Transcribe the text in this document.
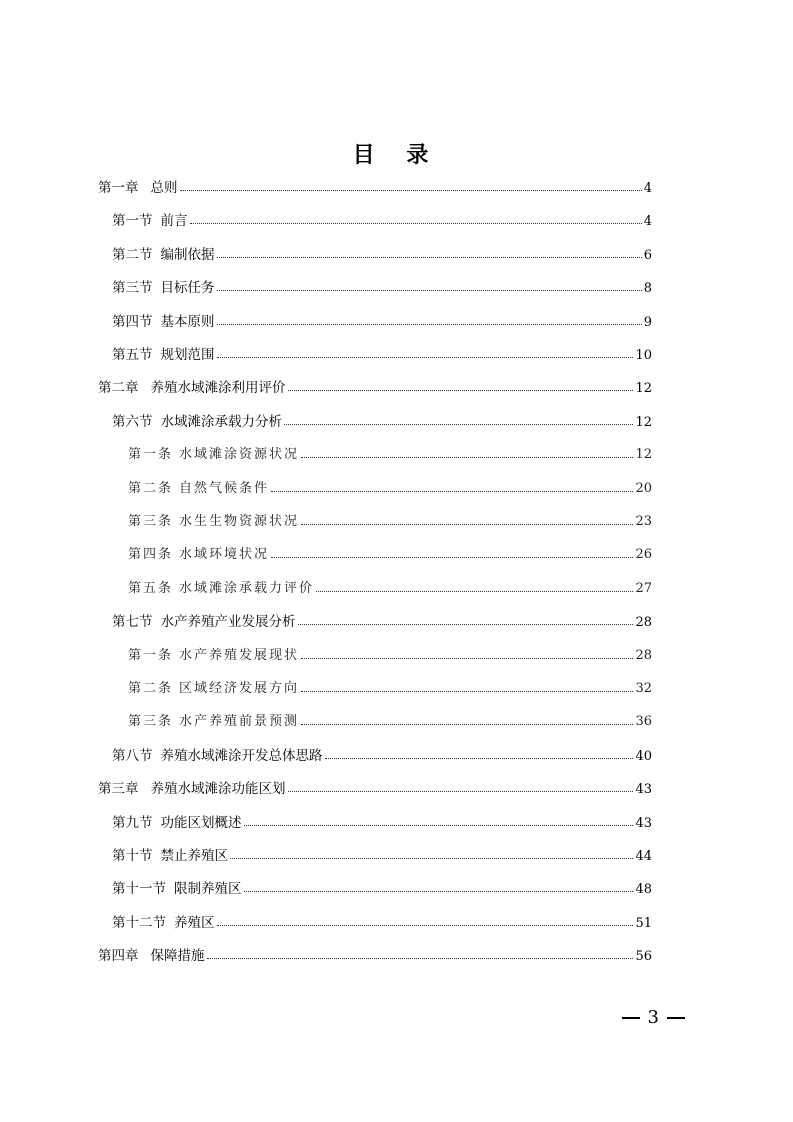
目 录
第一章 总则	4
第一节 前言	4
第二节 编制依据	6
第三节 目标任务	8
第四节 基本原则	9
第五节 规划范围	10
第二章 养殖水域滩涂利用评价	12
第六节 水域滩涂承载力分析	12
第一条 水域滩涂资源状况	12
第二条 自然气候条件	20
第三条 水生生物资源状况	23
第四条 水域环境状况	26
第五条 水域滩涂承载力评价	27
第七节 水产养殖产业发展分析	28
第一条 水产养殖发展现状	28
第二条 区域经济发展方向	32
第三条 水产养殖前景预测	36
第八节 养殖水域滩涂开发总体思路	40
第三章 养殖水域滩涂功能区划	43
第九节 功能区划概述	43
第十节 禁止养殖区	44
第十一节 限制养殖区	48
第十二节 养殖区	51
第四章 保障措施	56
3
